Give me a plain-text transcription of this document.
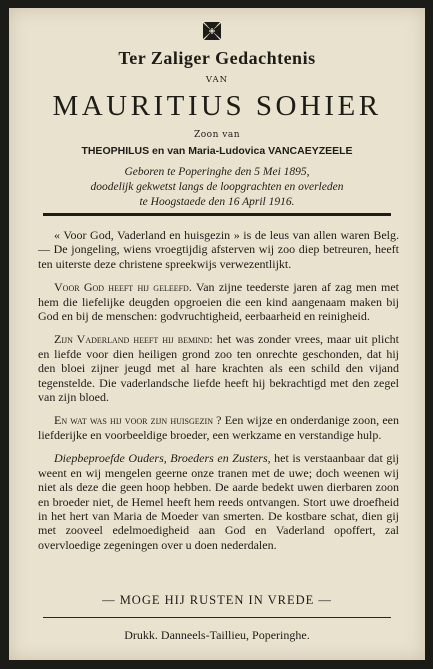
Ter Zaliger Gedachtenis
VAN
MAURITIUS SOHIER
Zoon van
THEOPHILUS en van Maria-Ludovica VANCAEYZEELE
Geboren te Poperinghe den 5 Mei 1895,
doodelijk gekwetst langs de loopgrachten en overleden
te Hoogstaede den 16 April 1916.

« Voor God, Vaderland en huisgezin » is de leus van allen waren Belg. — De jongeling, wiens vroegtijdig afsterven wij zoo diep betreuren, heeft ten uiterste deze christene spreekwijs verwezentlijkt.

Voor God heeft hij geleefd. Van zijne teederste jaren af zag men met hem die liefelijke deugden opgroeien die een kind aangenaam maken bij God en bij de menschen: godvruchtigheid, eerbaarheid en reinigheid.

Zijn Vaderland heeft hij bemind: het was zonder vrees, maar uit plicht en liefde voor dien heiligen grond zoo ten onrechte geschonden, dat hij den bloei zijner jeugd met al hare krachten als een schild den vijand tegenstelde. Die vaderlandsche liefde heeft hij bekrachtigd met den zegel van zijn bloed.

En wat was hij voor zijn huisgezin ? Een wijze en onderdanige zoon, een liefderijke en voorbeeldige broeder, een werkzame en verstandige hulp.

Diepbeproefde Ouders, Broeders en Zusters, het is verstaanbaar dat gij weent en wij mengelen geerne onze tranen met de uwe; doch weenen wij niet als deze die geen hoop hebben. De aarde bedekt uwen dierbaren zoon en broeder niet, de Hemel heeft hem reeds ontvangen. Stort uwe droefheid in het hert van Maria de Moeder van smerten. De kostbare schat, dien gij met zooveel edelmoedigheid aan God en Vaderland opoffert, zal overvloedige zegeningen over u doen nederdalen.

— MOGE HIJ RUSTEN IN VREDE —
Drukk. Danneels-Taillieu, Poperinghe.
